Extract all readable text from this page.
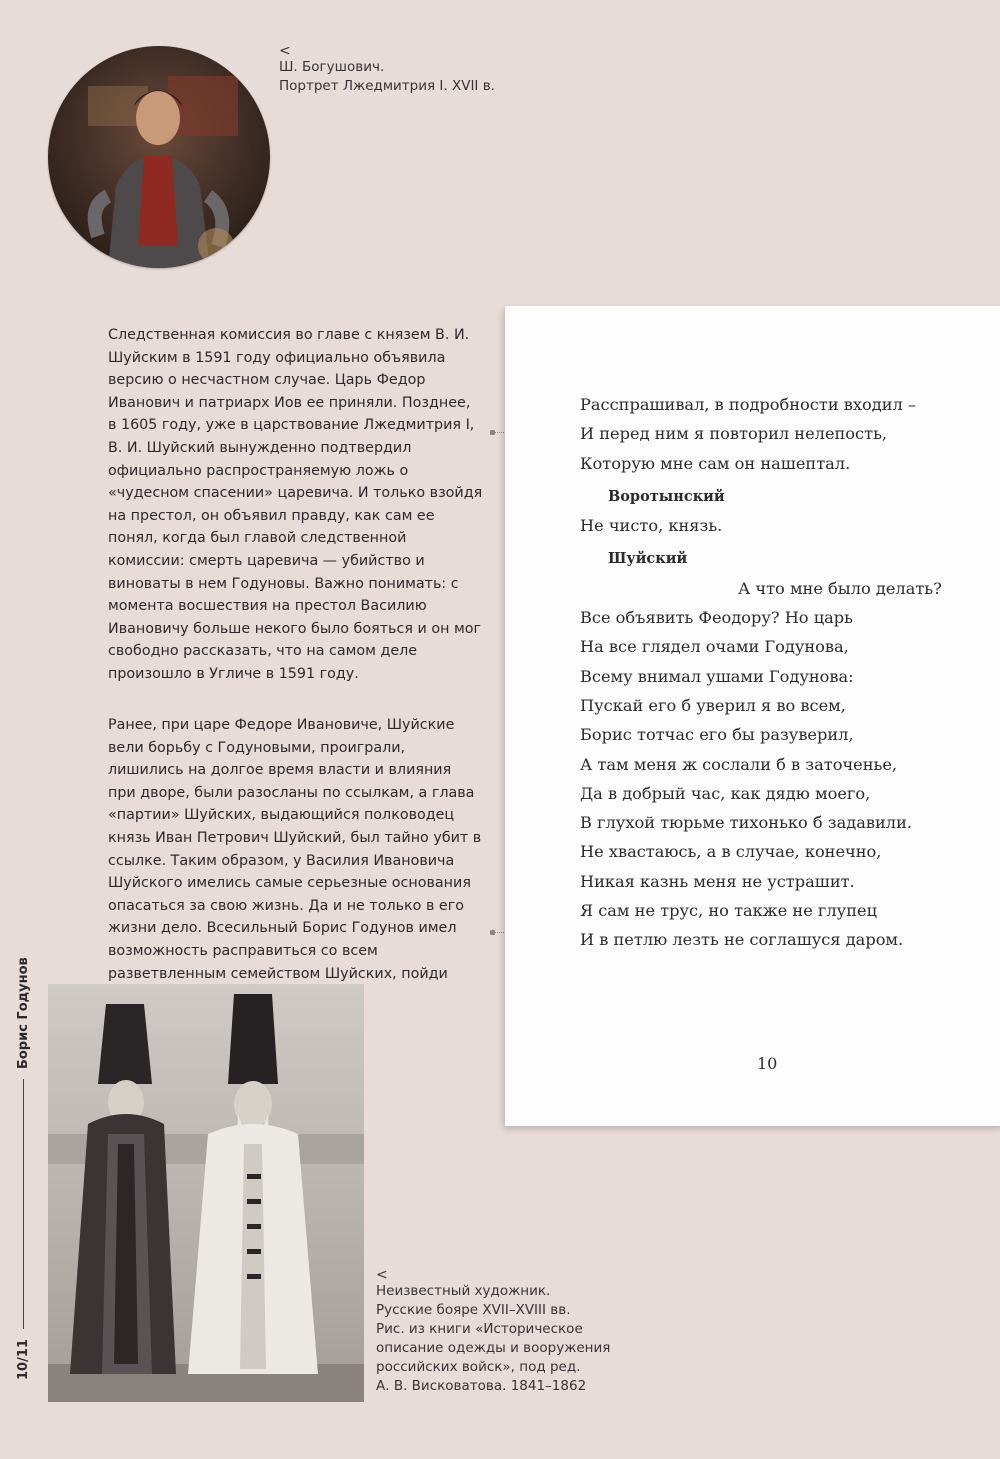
<
Ш. Богушович.
Портрет Лжедмитрия I. XVII в.

Следственная комиссия во главе с князем В. И. Шуйским в 1591 году официально объявила версию о несчастном случае. Царь Федор Иванович и патриарх Иов ее приняли. Позднее, в 1605 году, уже в царствование Лжедмитрия I, В. И. Шуйский вынужденно подтвердил официально распространяемую ложь о «чудесном спасении» царевича. И только взойдя на престол, он объявил правду, как сам ее понял, когда был главой следственной комиссии: смерть царевича — убийство и виноваты в нем Годуновы. Важно понимать: с момента восшествия на престол Василию Ивановичу больше некого было бояться и он мог свободно рассказать, что на самом деле произошло в Угличе в 1591 году.

Ранее, при царе Федоре Ивановиче, Шуйские вели борьбу с Годуновыми, проиграли, лишились на долгое время власти и влияния при дворе, были разосланы по ссылкам, а глава «партии» Шуйских, выдающийся полководец князь Иван Петрович Шуйский, был тайно убит в ссылке. Таким образом, у Василия Ивановича Шуйского имелись самые серьезные основания опасаться за свою жизнь. Да и не только в его жизни дело. Всесильный Борис Годунов имел возможность расправиться со всем разветвленным семейством Шуйских, пойди

Расспрашивал, в подробности входил –
И перед ним я повторил нелепость,
Которую мне сам он нашептал.
Воротынский
Не чисто, князь.
Шуйский
А что мне было делать?
Все объявить Феодору? Но царь
На все глядел очами Годунова,
Всему внимал ушами Годунова:
Пускай его б уверил я во всем,
Борис тотчас его бы разуверил,
А там меня ж сослали б в заточенье,
Да в добрый час, как дядю моего,
В глухой тюрьме тихонько б задавили.
Не хвастаюсь, а в случае, конечно,
Никая казнь меня не устрашит.
Я сам не трус, но также не глупец
И в петлю лезть не соглашуся даром.
10
10/11
Борис Годунов
<
Неизвестный художник.
Русские бояре XVII–XVIII вв.
Рис. из книги «Историческое
описание одежды и вооружения
российских войск», под ред.
А. В. Висковатова. 1841–1862
